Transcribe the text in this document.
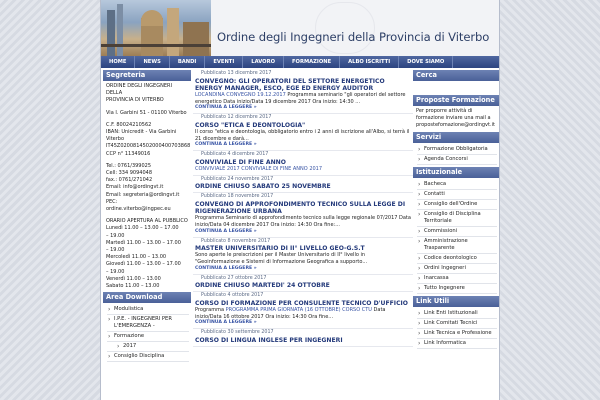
Ordine degli Ingegneri della Provincia di Viterbo
HOME	NEWS	BANDI	EVENTI	LAVORO	FORMAZIONE	ALBO ISCRITTI	DOVE SIAMO
Segreteria
ORDINE DEGLI INGEGNERI DELLA
PROVINCIA DI VITERBO
Via I. Garbini 51 - 01100 Viterbo
C.F. 80024210562
IBAN: Unicredit - Via Garbini
Viterbo
IT45Z0200814502000400703868
CCP n° 11349016
Tel.: 0761/399025
Cell: 334 9094048
fax.: 0761/271042
Email: info@ordingvt.it
Email: segreteria@ordingvt.it
PEC:
ordine.viterbo@ingpec.eu
ORARIO APERTURA AL PUBBLICO
Lunedì 11.00 – 13.00 – 17.00
– 19.00
Martedì 11.00 – 13.00 – 17.00
– 19.00
Mercoledì 11.00 – 13.00
Giovedì 11.00 – 13.00 – 17.00
– 19.00
Venerdì 11.00 – 13.00
Sabato 11.00 – 13.00
Area Download
› Modulistica
› I.P.E. - INGEGNERI PER L'EMERGENZA -
› Formazione
› 2017
› Consiglio Disciplina
Pubblicato 13 dicembre 2017
CONVEGNO: GLI OPERATORI DEL SETTORE ENERGETICO ENERGY MANAGER, ESCO, EGE ED ENERGY AUDITOR
LOCANDINA CONVEGNO 19.12.2017 Programma seminario "gli operatori del settore energetico Data inizio/Data 19 dicembre 2017 Ora inizio: 14:30 ...
CONTINUA A LEGGERE »
Pubblicato 12 dicembre 2017
CORSO "ETICA E DEONTOLOGIA"
Il corso "etica e deontologia, obbligatorio entro i 2 anni di iscrizione all'Albo, si terrà il 21 dicembre e darà...
CONTINUA A LEGGERE »
Pubblicato 4 dicembre 2017
CONVIVIALE DI FINE ANNO
CONVIVIALE 2017 CONVIVIALE DI FINE ANNO 2017
Pubblicato 24 novembre 2017
ORDINE CHIUSO SABATO 25 NOVEMBRE
Pubblicato 18 novembre 2017
CONVEGNO DI APPROFONDIMENTO TECNICO SULLA LEGGE DI RIGENERAZIONE URBANA
Programma Seminario di approfondimento tecnico sulla legge regionale 07/2017 Data inizio/Data 04 dicembre 2017 Ora inizio: 14:30 Ora fine:...
CONTINUA A LEGGERE »
Pubblicato 8 novembre 2017
MASTER UNIVERSITARIO DI II° LIVELLO GEO-G.S.T
Sono aperte le preiscrizioni per il Master Universitario di II° livello in "Geoinformazione e Sistemi di Informazione Geografica a supporto...
CONTINUA A LEGGERE »
Pubblicato 27 ottobre 2017
ORDINE CHIUSO MARTEDI' 24 OTTOBRE
Pubblicato 4 ottobre 2017
CORSO DI FORMAZIONE PER CONSULENTE TECNICO D'UFFICIO
Programma PROGRAMMA PRIMA GIORNATA (16 OTTOBRE) CORSO CTU Data inizio/Data 16 ottobre 2017 Ora inizio: 14:30 Ora fine...
CONTINUA A LEGGERE »
Pubblicato 30 settembre 2017
CORSO DI LINGUA INGLESE PER INGEGNERI
Cerca
Proposte Formazione
Per proporre attività di formazione inviare una mail a
propostefomazione@ordingvt.it
Servizi
› Formazione Obbligatoria
› Agenda Concorsi
Istituzionale
› Bacheca
› Contatti
› Consiglio dell'Ordine
› Consiglio di Disciplina Territoriale
› Commissioni
› Amministrazione Trasparente
› Codice deontologico
› Ordini Ingegneri
› Inarcassa
› Tutto Ingegnere
Link Utili
› Link Enti Istituzionali
› Link Comitati Tecnici
› Link Tecnica e Professione
› Link Informatica
